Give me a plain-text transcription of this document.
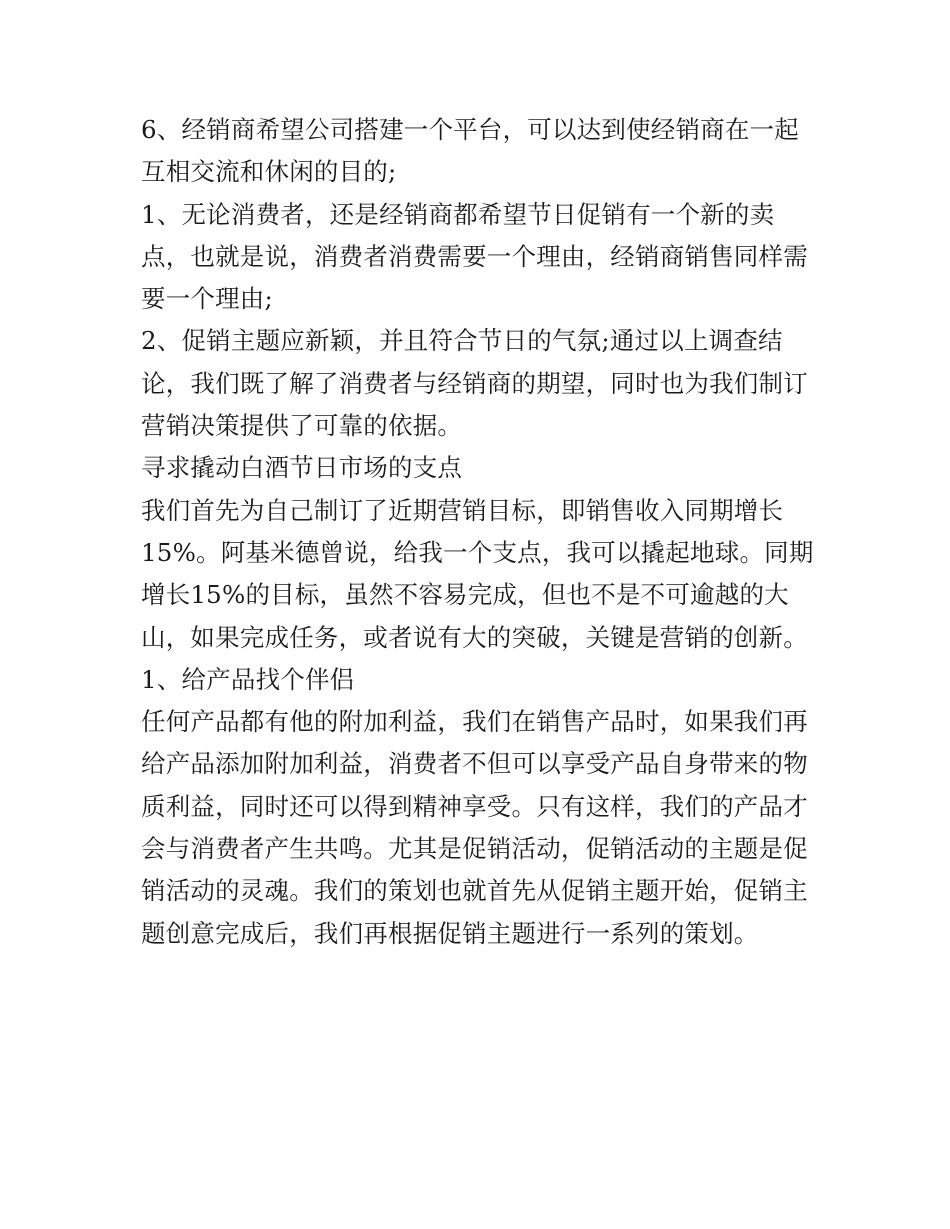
6、经销商希望公司搭建一个平台，可以达到使经销商在一起
互相交流和休闲的目的;
1、无论消费者，还是经销商都希望节日促销有一个新的卖
点，也就是说，消费者消费需要一个理由，经销商销售同样需
要一个理由;
2、促销主题应新颖，并且符合节日的气氛;通过以上调查结
论，我们既了解了消费者与经销商的期望，同时也为我们制订
营销决策提供了可靠的依据。
寻求撬动白酒节日市场的支点
我们首先为自己制订了近期营销目标，即销售收入同期增长
15%。阿基米德曾说，给我一个支点，我可以撬起地球。同期
增长15%的目标，虽然不容易完成，但也不是不可逾越的大
山，如果完成任务，或者说有大的突破，关键是营销的创新。
1、给产品找个伴侣
任何产品都有他的附加利益，我们在销售产品时，如果我们再
给产品添加附加利益，消费者不但可以享受产品自身带来的物
质利益，同时还可以得到精神享受。只有这样，我们的产品才
会与消费者产生共鸣。尤其是促销活动，促销活动的主题是促
销活动的灵魂。我们的策划也就首先从促销主题开始，促销主
题创意完成后，我们再根据促销主题进行一系列的策划。
